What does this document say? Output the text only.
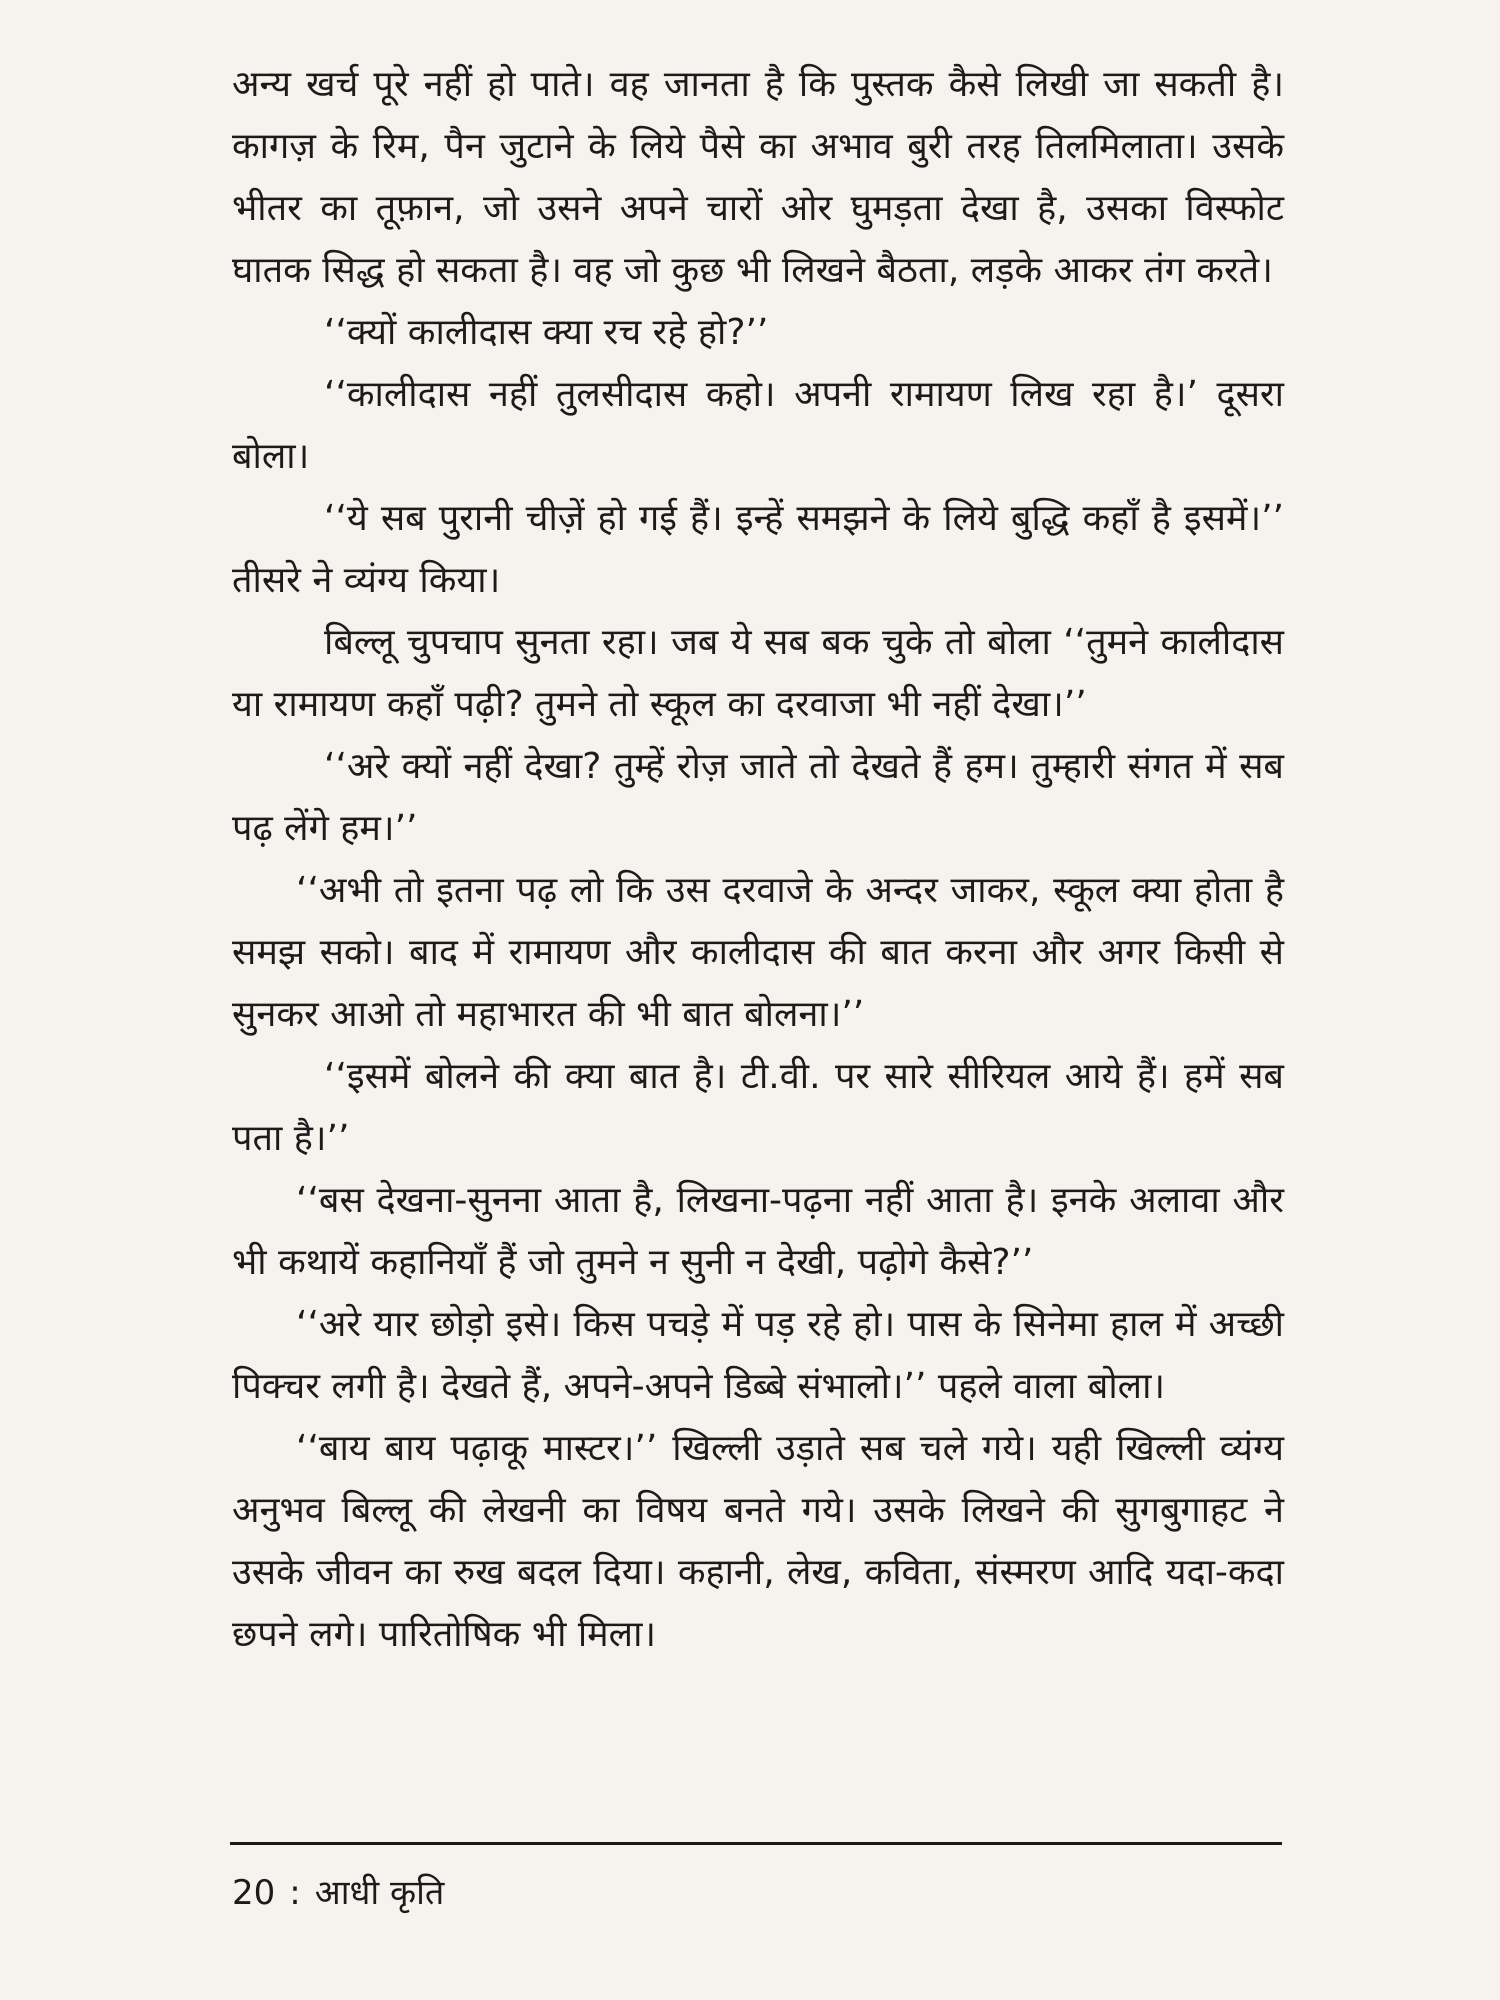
अन्य खर्च पूरे नहीं हो पाते। वह जानता है कि पुस्तक कैसे लिखी जा सकती है। कागज़ के रिम, पैन जुटाने के लिये पैसे का अभाव बुरी तरह तिलमिलाता। उसके भीतर का तूफ़ान, जो उसने अपने चारों ओर घुमड़ता देखा है, उसका विस्फोट घातक सिद्ध हो सकता है। वह जो कुछ भी लिखने बैठता, लड़के आकर तंग करते।

‘‘क्यों कालीदास क्या रच रहे हो?’’

‘‘कालीदास नहीं तुलसीदास कहो। अपनी रामायण लिख रहा है।’ दूसरा बोला।

‘‘ये सब पुरानी चीज़ें हो गई हैं। इन्हें समझने के लिये बुद्धि कहाँ है इसमें।’’ तीसरे ने व्यंग्य किया।

बिल्लू चुपचाप सुनता रहा। जब ये सब बक चुके तो बोला ‘‘तुमने कालीदास या रामायण कहाँ पढ़ी? तुमने तो स्कूल का दरवाजा भी नहीं देखा।’’

‘‘अरे क्यों नहीं देखा? तुम्हें रोज़ जाते तो देखते हैं हम। तुम्हारी संगत में सब पढ़ लेंगे हम।’’

‘‘अभी तो इतना पढ़ लो कि उस दरवाजे के अन्दर जाकर, स्कूल क्या होता है समझ सको। बाद में रामायण और कालीदास की बात करना और अगर किसी से सुनकर आओ तो महाभारत की भी बात बोलना।’’

‘‘इसमें बोलने की क्या बात है। टी.वी. पर सारे सीरियल आये हैं। हमें सब पता है।’’

‘‘बस देखना-सुनना आता है, लिखना-पढ़ना नहीं आता है। इनके अलावा और भी कथायें कहानियाँ हैं जो तुमने न सुनी न देखी, पढ़ोगे कैसे?’’

‘‘अरे यार छोड़ो इसे। किस पचड़े में पड़ रहे हो। पास के सिनेमा हाल में अच्छी पिक्चर लगी है। देखते हैं, अपने-अपने डिब्बे संभालो।’’ पहले वाला बोला।

‘‘बाय बाय पढ़ाकू मास्टर।’’ खिल्ली उड़ाते सब चले गये। यही खिल्ली व्यंग्य अनुभव बिल्लू की लेखनी का विषय बनते गये। उसके लिखने की सुगबुगाहट ने उसके जीवन का रुख बदल दिया। कहानी, लेख, कविता, संस्मरण आदि यदा-कदा छपने लगे। पारितोषिक भी मिला।

20 : आधी कृति
